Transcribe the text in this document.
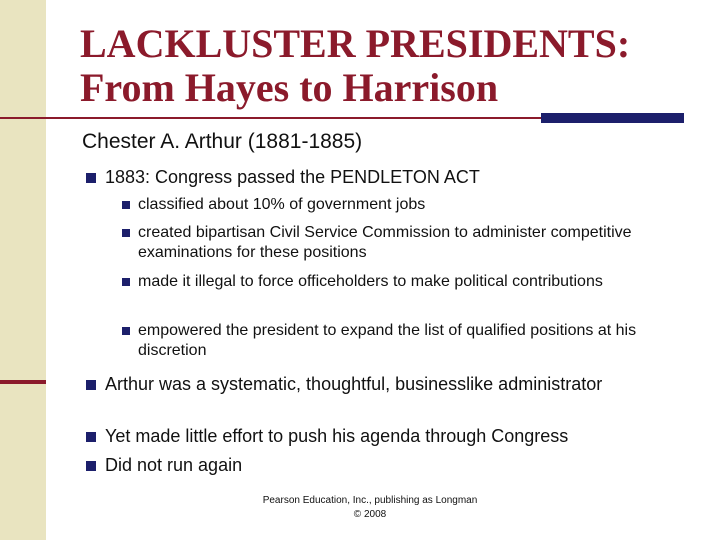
LACKLUSTER PRESIDENTS:
From Hayes to Harrison
Chester A. Arthur (1881-1885)
1883: Congress passed the PENDLETON ACT
classified about 10% of government jobs
created bipartisan Civil Service Commission to administer competitive examinations for these positions
made it illegal to force officeholders to make political contributions
empowered the president to expand the list of qualified positions at his discretion
Arthur was a systematic, thoughtful, businesslike administrator
Yet made little effort to push his agenda through Congress
Did not run again
Pearson Education, Inc., publishing as Longman
© 2008
